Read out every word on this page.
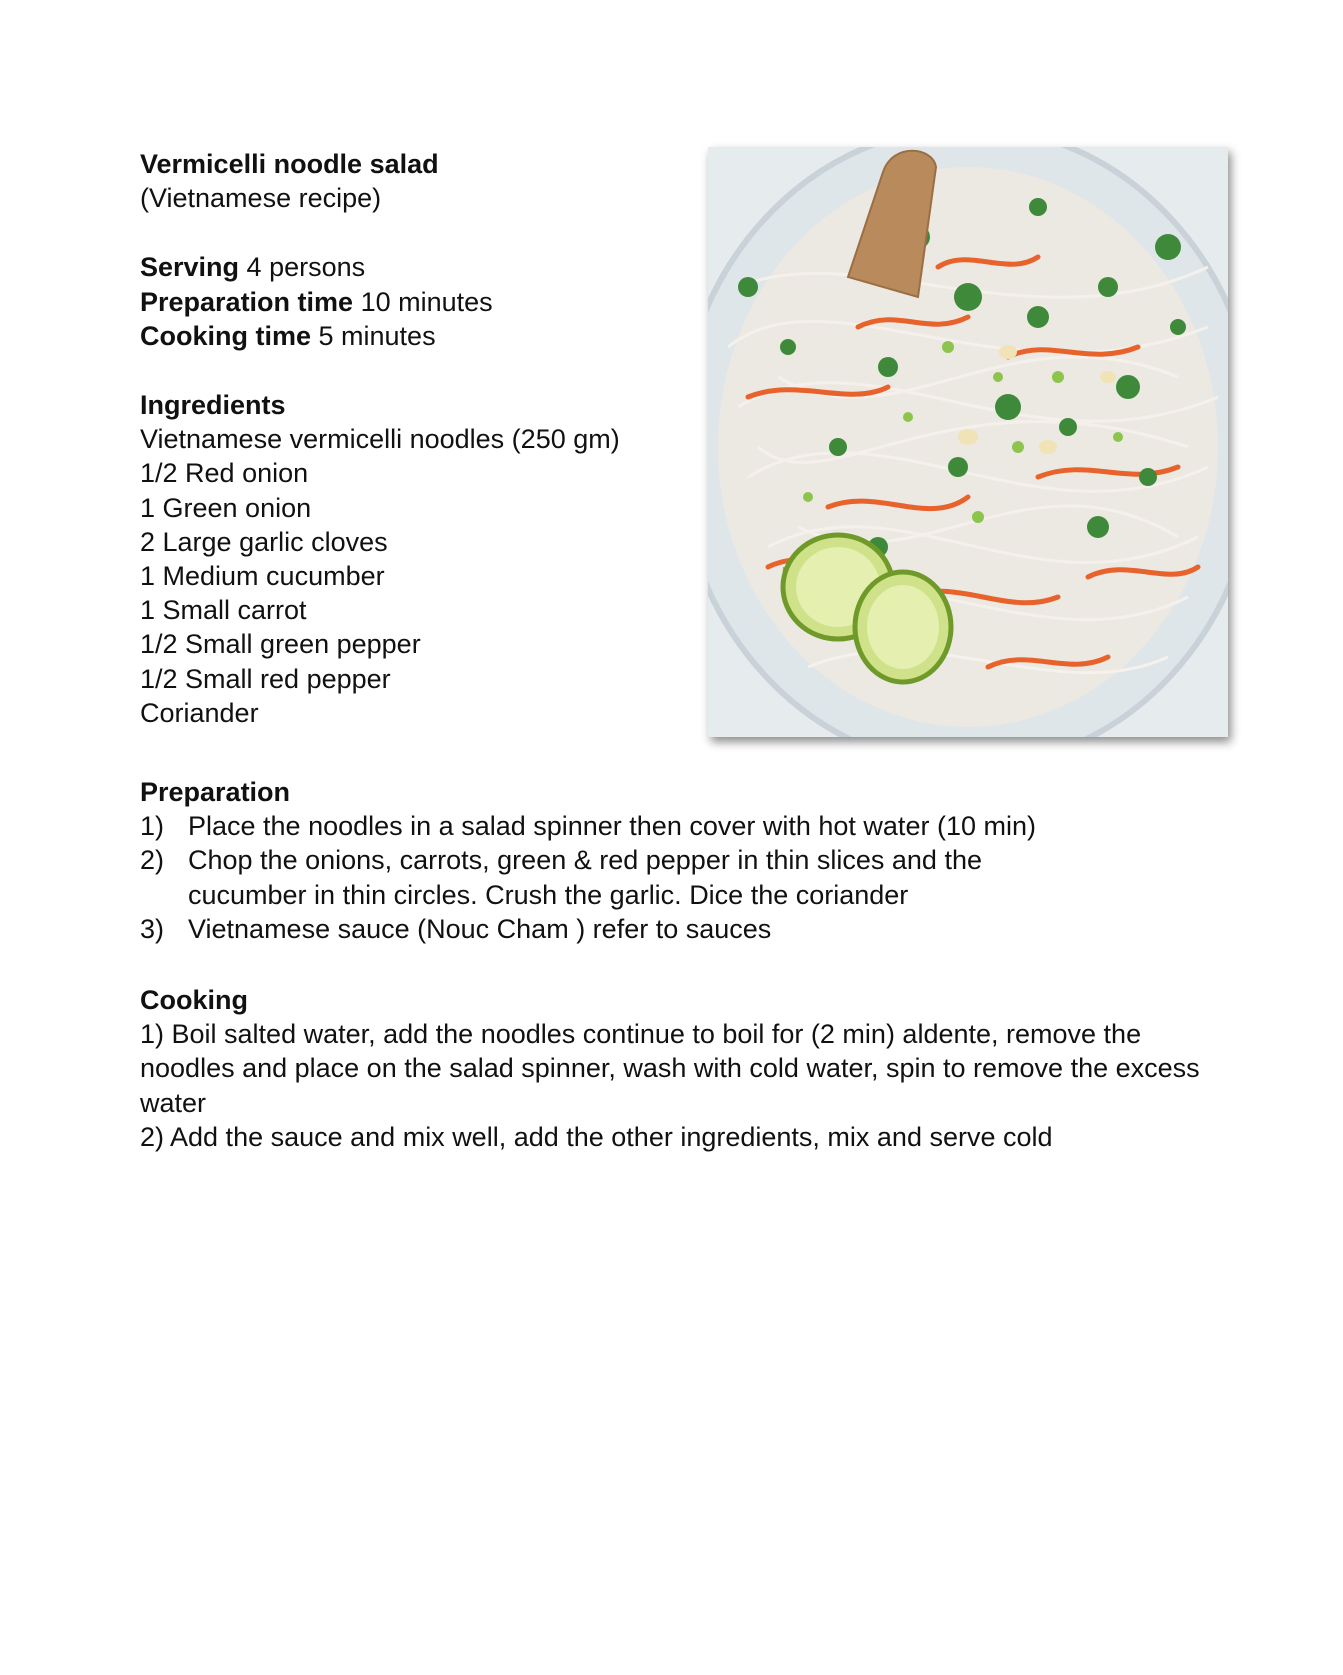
Vermicelli noodle salad
(Vietnamese recipe)
Serving 4 persons
Preparation time 10 minutes
Cooking time 5 minutes
Ingredients
Vietnamese vermicelli noodles (250 gm)
1/2 Red onion
1 Green onion
2 Large garlic cloves
1 Medium cucumber
1 Small carrot
1/2 Small green pepper
1/2 Small red pepper
Coriander
Preparation
1) Place the noodles in a salad spinner then cover with hot water (10 min)
2) Chop the onions, carrots, green & red pepper in thin slices and the cucumber in thin circles. Crush the garlic. Dice the coriander
3) Vietnamese sauce (Nouc Cham ) refer to sauces
Cooking
1) Boil salted water, add the noodles continue to boil for (2 min) aldente, remove the noodles and place on the salad spinner, wash with cold water, spin to remove the excess water
2) Add the sauce and mix well, add the other ingredients, mix and serve cold
